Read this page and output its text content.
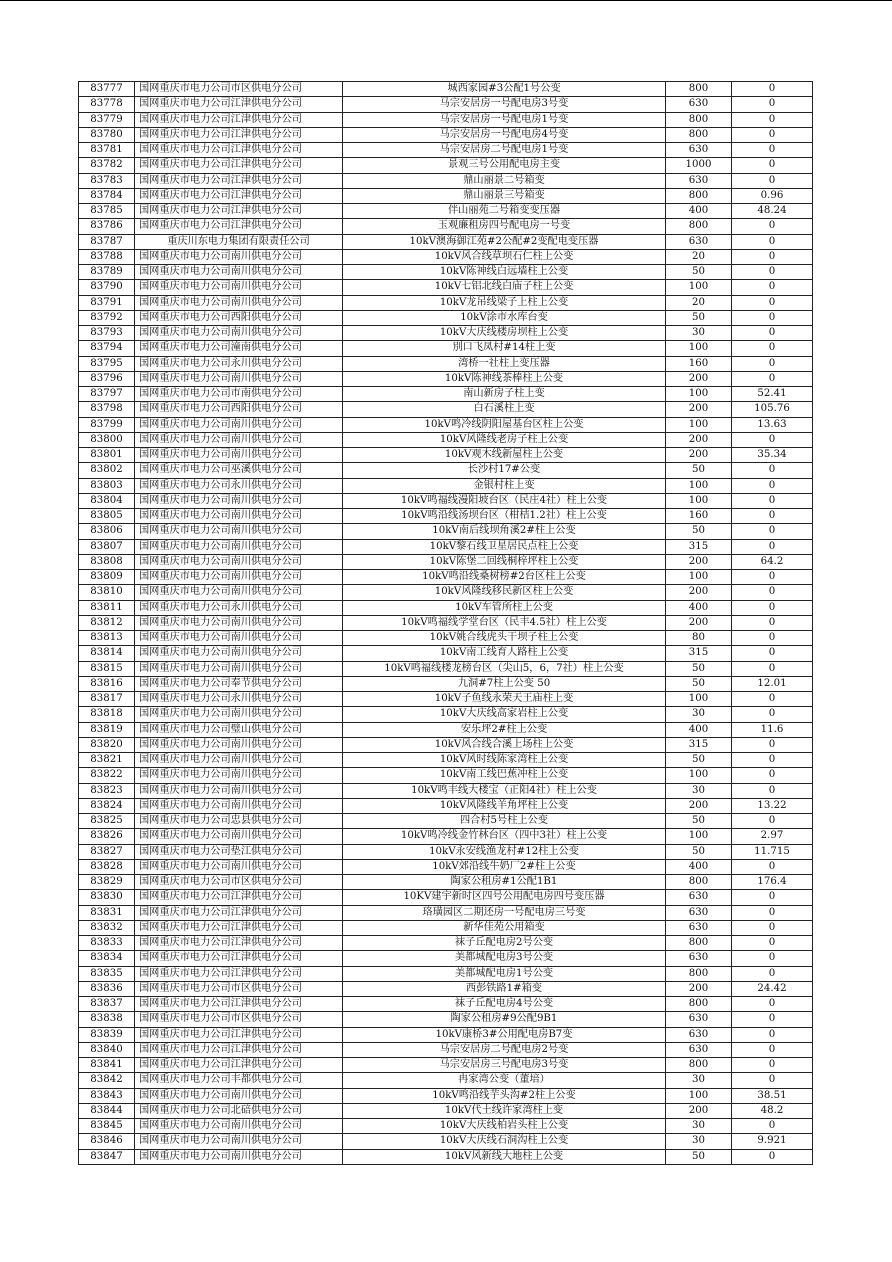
83777	国网重庆市电力公司市区供电分公司	城西家园#3公配1号公变	800	0
83778	国网重庆市电力公司江津供电分公司	马宗安居房一号配电房3号变	630	0
83779	国网重庆市电力公司江津供电分公司	马宗安居房一号配电房1号变	800	0
83780	国网重庆市电力公司江津供电分公司	马宗安居房一号配电房4号变	800	0
83781	国网重庆市电力公司江津供电分公司	马宗安居房二号配电房1号变	630	0
83782	国网重庆市电力公司江津供电分公司	景观三号公用配电房主变	1000	0
83783	国网重庆市电力公司江津供电分公司	鼎山丽景二号箱变	630	0
83784	国网重庆市电力公司江津供电分公司	鼎山丽景三号箱变	800	0.96
83785	国网重庆市电力公司江津供电分公司	伴山丽苑二号箱变变压器	400	48.24
83786	国网重庆市电力公司江津供电分公司	玉观廉租房四号配电房一号变	800	0
83787	重庆川东电力集团有限责任公司	10kV澳海御江苑#2公配#2变配电变压器	630	0
83788	国网重庆市电力公司南川供电分公司	10kV风合线草坝石仁柱上公变	20	0
83789	国网重庆市电力公司南川供电分公司	10kV陈神线白远墙柱上公变	50	0
83790	国网重庆市电力公司南川供电分公司	10kV七铝北线白庙子柱上公变	100	0
83791	国网重庆市电力公司南川供电分公司	10kV龙吊线梁子上柱上公变	20	0
83792	国网重庆市电力公司西阳供电分公司	10kV涂市水库台变	50	0
83793	国网重庆市电力公司南川供电分公司	10kV大庆线楼房坝柱上公变	30	0
83794	国网重庆市电力公司潼南供电分公司	別口飞凤村#14柱上变	100	0
83795	国网重庆市电力公司永川供电分公司	湾桥一社柱上变压器	160	0
83796	国网重庆市电力公司南川供电分公司	10kV陈神线茶棒柱上公变	200	0
83797	国网重庆市电力公司市南供电分公司	南山新房子柱上变	100	52.41
83798	国网重庆市电力公司西阳供电分公司	白石溪柱上变	200	105.76
83799	国网重庆市电力公司南川供电分公司	10kV鸣冷线阴阳屋基台区柱上公变	100	13.63
83800	国网重庆市电力公司南川供电分公司	10kV风隆线老房子柱上公变	200	0
83801	国网重庆市电力公司南川供电分公司	10kV观木线新屋柱上公变	200	35.34
83802	国网重庆市电力公司巫溪供电分公司	长沙村17#公变	50	0
83803	国网重庆市电力公司永川供电分公司	金银村柱上变	100	0
83804	国网重庆市电力公司南川供电分公司	10kV鸣福线漫阳坡台区（民庄4社）柱上公变	100	0
83805	国网重庆市电力公司南川供电分公司	10kV鸣沿线汤坝台区（柑桔1.2社）柱上公变	160	0
83806	国网重庆市电力公司南川供电分公司	10kV南后线坝角溪2#柱上公变	50	0
83807	国网重庆市电力公司南川供电分公司	10kV黎石线卫星居民点柱上公变	315	0
83808	国网重庆市电力公司南川供电分公司	10kV陈堡二回线桐梓坪柱上公变	200	64.2
83809	国网重庆市电力公司南川供电分公司	10kV鸣沿线桑树榜#2台区柱上公变	100	0
83810	国网重庆市电力公司南川供电分公司	10kV风隆线移民新区柱上公变	200	0
83811	国网重庆市电力公司永川供电分公司	10kV车管所柱上公变	400	0
83812	国网重庆市电力公司南川供电分公司	10kV鸣福线学堂台区（民丰4.5社）柱上公变	200	0
83813	国网重庆市电力公司南川供电分公司	10kV姚合线虎头干坝子柱上公变	80	0
83814	国网重庆市电力公司南川供电分公司	10kV南工线育人路柱上公变	315	0
83815	国网重庆市电力公司南川供电分公司	10kV鸣福线楼龙榜台区（尖山5，6，7社）柱上公变	50	0
83816	国网重庆市电力公司奉节供电分公司	九洞#7柱上公变 50	50	12.01
83817	国网重庆市电力公司永川供电分公司	10kV子鱼线永荣天王庙柱上变	100	0
83818	国网重庆市电力公司南川供电分公司	10kV大庆线高家岩柱上公变	30	0
83819	国网重庆市电力公司璧山供电分公司	安乐坪2#柱上公变	400	11.6
83820	国网重庆市电力公司南川供电分公司	10kV风合线合溪上场柱上公变	315	0
83821	国网重庆市电力公司南川供电分公司	10kV风时线陈家湾柱上公变	50	0
83822	国网重庆市电力公司南川供电分公司	10kV南工线巴蕉冲柱上公变	100	0
83823	国网重庆市电力公司南川供电分公司	10kV鸣丰线大楼宝（正阳4社）柱上公变	30	0
83824	国网重庆市电力公司南川供电分公司	10kV风隆线羊角坪柱上公变	200	13.22
83825	国网重庆市电力公司忠县供电分公司	四合村5号柱上公变	50	0
83826	国网重庆市电力公司南川供电分公司	10kV鸣冷线金竹林台区（四中3社）柱上公变	100	2.97
83827	国网重庆市电力公司垫江供电分公司	10kV永安线渔龙村#12柱上公变	50	11.715
83828	国网重庆市电力公司南川供电分公司	10kV郊沿线牛奶厂2#柱上公变	400	0
83829	国网重庆市电力公司市区供电分公司	陶家公租房#1公配1B1	800	176.4
83830	国网重庆市电力公司江津供电分公司	10KV建宇新时区四号公用配电房四号变压器	630	0
83831	国网重庆市电力公司江津供电分公司	珞璜园区二期还房一号配电房三号变	630	0
83832	国网重庆市电力公司江津供电分公司	新华佳苑公用箱变	630	0
83833	国网重庆市电力公司江津供电分公司	袜子丘配电房2号公变	800	0
83834	国网重庆市电力公司江津供电分公司	美都城配电房3号公变	630	0
83835	国网重庆市电力公司江津供电分公司	美都城配电房1号公变	800	0
83836	国网重庆市电力公司市区供电分公司	西彭铁路1#箱变	200	24.42
83837	国网重庆市电力公司江津供电分公司	袜子丘配电房4号公变	800	0
83838	国网重庆市电力公司市区供电分公司	陶家公租房#9公配9B1	630	0
83839	国网重庆市电力公司江津供电分公司	10kV康桥3#公用配电房B7变	630	0
83840	国网重庆市电力公司江津供电分公司	马宗安居房二号配电房2号变	630	0
83841	国网重庆市电力公司江津供电分公司	马宗安居房三号配电房3号变	800	0
83842	国网重庆市电力公司丰都供电分公司	冉家湾公变（董培）	30	0
83843	国网重庆市电力公司南川供电分公司	10kV鸣沿线芋头沟#2柱上公变	100	38.51
83844	国网重庆市电力公司北碚供电分公司	10kV代土线许家湾柱上变	200	48.2
83845	国网重庆市电力公司南川供电分公司	10kV大庆线柏岩头柱上公变	30	0
83846	国网重庆市电力公司南川供电分公司	10kV大庆线石洞沟柱上公变	30	9.921
83847	国网重庆市电力公司南川供电分公司	10kV风新线大地柱上公变	50	0
